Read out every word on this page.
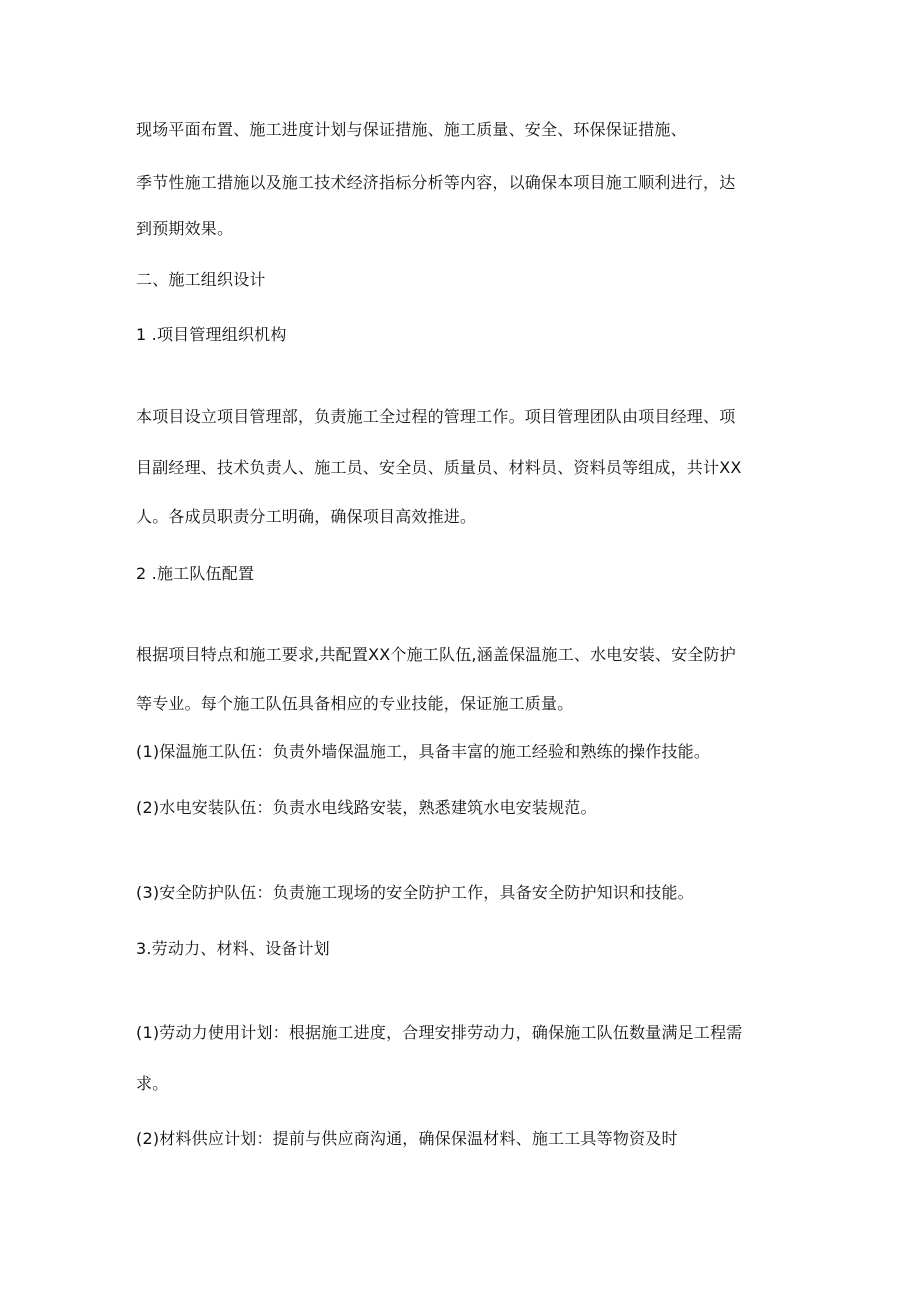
现场平面布置、施工进度计划与保证措施、施工质量、安全、环保保证措施、
季节性施工措施以及施工技术经济指标分析等内容，以确保本项目施工顺利进行，达
到预期效果。
二、施工组织设计
1 .项目管理组织机构
本项目设立项目管理部，负责施工全过程的管理工作。项目管理团队由项目经理、项
目副经理、技术负责人、施工员、安全员、质量员、材料员、资料员等组成，共计XX
人。各成员职责分工明确，确保项目高效推进。
2 .施工队伍配置
根据项目特点和施工要求,共配置XX个施工队伍,涵盖保温施工、水电安装、安全防护
等专业。每个施工队伍具备相应的专业技能，保证施工质量。
(1)保温施工队伍：负责外墙保温施工，具备丰富的施工经验和熟练的操作技能。
(2)水电安装队伍：负责水电线路安装，熟悉建筑水电安装规范。
(3)安全防护队伍：负责施工现场的安全防护工作，具备安全防护知识和技能。
3.劳动力、材料、设备计划
(1)劳动力使用计划：根据施工进度，合理安排劳动力，确保施工队伍数量满足工程需
求。
(2)材料供应计划：提前与供应商沟通，确保保温材料、施工工具等物资及时
